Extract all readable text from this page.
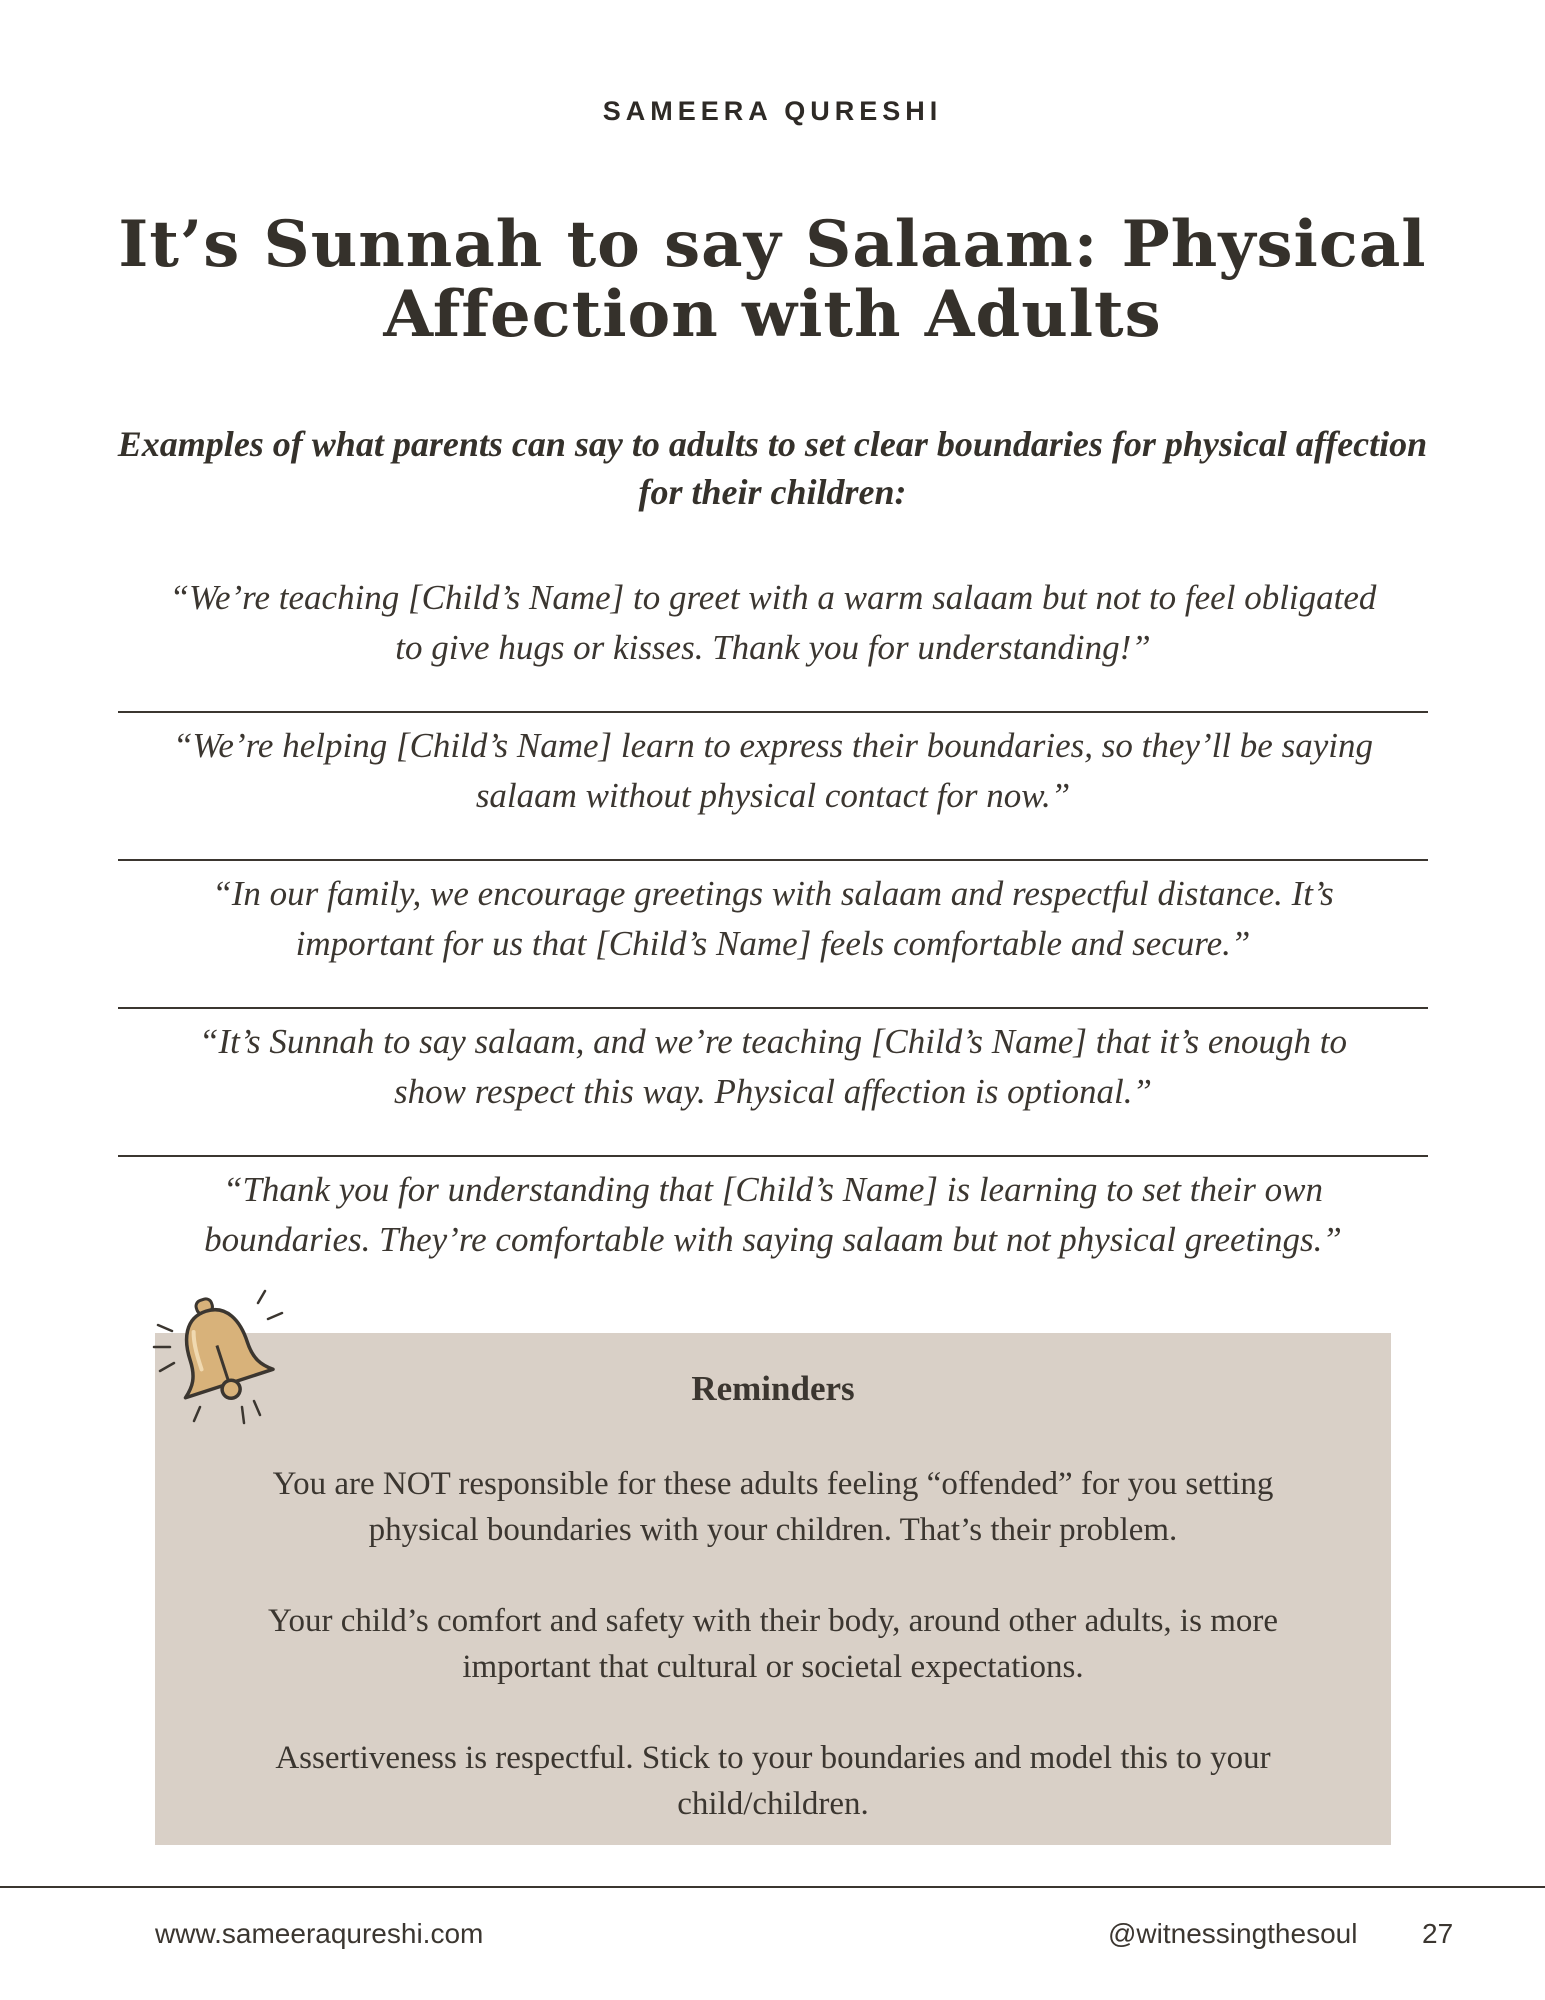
SAMEERA QURESHI
It’s Sunnah to say Salaam: Physical
Affection with Adults

Examples of what parents can say to adults to set clear boundaries for physical affection for their children:

“We’re teaching [Child’s Name] to greet with a warm salaam but not to feel obligated
to give hugs or kisses. Thank you for understanding!”
“We’re helping [Child’s Name] learn to express their boundaries, so they’ll be saying
salaam without physical contact for now.”
“In our family, we encourage greetings with salaam and respectful distance. It’s
important for us that [Child’s Name] feels comfortable and secure.”
“It’s Sunnah to say salaam, and we’re teaching [Child’s Name] that it’s enough to
show respect this way. Physical affection is optional.”
“Thank you for understanding that [Child’s Name] is learning to set their own
boundaries. They’re comfortable with saying salaam but not physical greetings.”
Reminders
You are NOT responsible for these adults feeling “offended” for you setting
physical boundaries with your children. That’s their problem.
Your child’s comfort and safety with their body, around other adults, is more
important that cultural or societal expectations.
Assertiveness is respectful. Stick to your boundaries and model this to your
child/children.
www.sameeraqureshi.com	@witnessingthesoul 27
